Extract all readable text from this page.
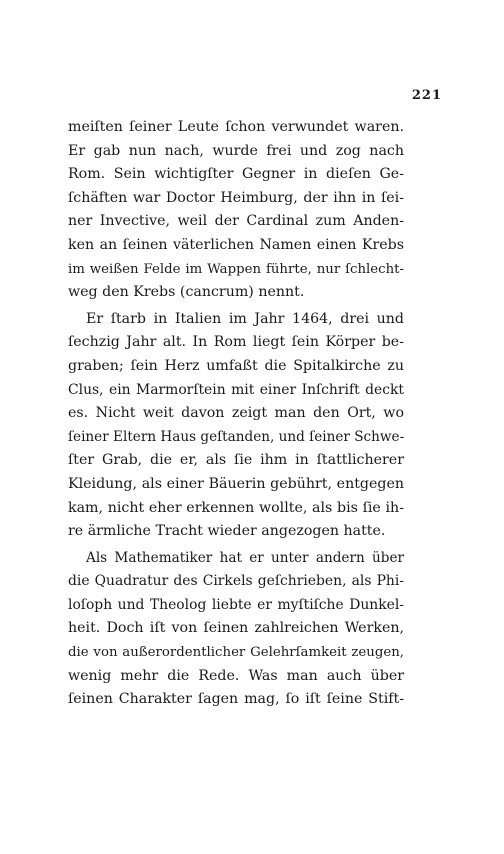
221
meiſten ſeiner Leute ſchon verwundet waren.
Er gab nun nach, wurde frei und zog nach
Rom. Sein wichtigſter Gegner in dieſen Ge-
ſchäften war Doctor Heimburg, der ihn in ſei-
ner Invective, weil der Cardinal zum Anden-
ken an ſeinen väterlichen Namen einen Krebs
im weißen Felde im Wappen führte, nur ſchlecht-
weg den Krebs (cancrum) nennt.
Er ſtarb in Italien im Jahr 1464, drei und
ſechzig Jahr alt. In Rom liegt ſein Körper be-
graben; ſein Herz umfaßt die Spitalkirche zu
Clus, ein Marmorſtein mit einer Inſchrift deckt
es. Nicht weit davon zeigt man den Ort, wo
ſeiner Eltern Haus geſtanden, und ſeiner Schwe-
ſter Grab, die er, als ſie ihm in ſtattlicherer
Kleidung, als einer Bäuerin gebührt, entgegen
kam, nicht eher erkennen wollte, als bis ſie ih-
re ärmliche Tracht wieder angezogen hatte.
Als Mathematiker hat er unter andern über
die Quadratur des Cirkels geſchrieben, als Phi-
loſoph und Theolog liebte er myſtiſche Dunkel-
heit. Doch iſt von ſeinen zahlreichen Werken,
die von außerordentlicher Gelehrſamkeit zeugen,
wenig mehr die Rede. Was man auch über
ſeinen Charakter ſagen mag, ſo iſt ſeine Stift-
